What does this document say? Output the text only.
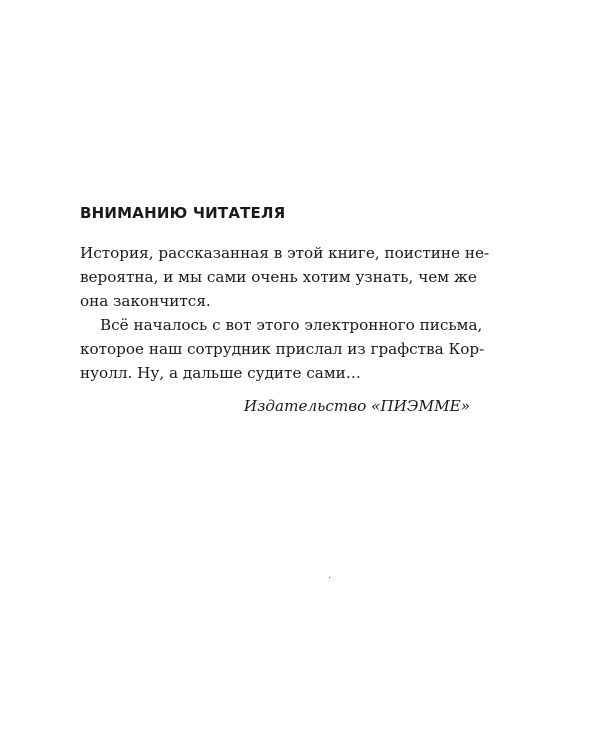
ВНИМАНИЮ ЧИТАТЕЛЯ
История, рассказанная в этой книге, поистине не-
вероятна, и мы сами очень хотим узнать, чем же
она закончится.
Всё началось с вот этого электронного письма,
которое наш сотрудник прислал из графства Кор-
нуолл. Ну, а дальше судите сами…
Издательство «ПИЭММЕ»
